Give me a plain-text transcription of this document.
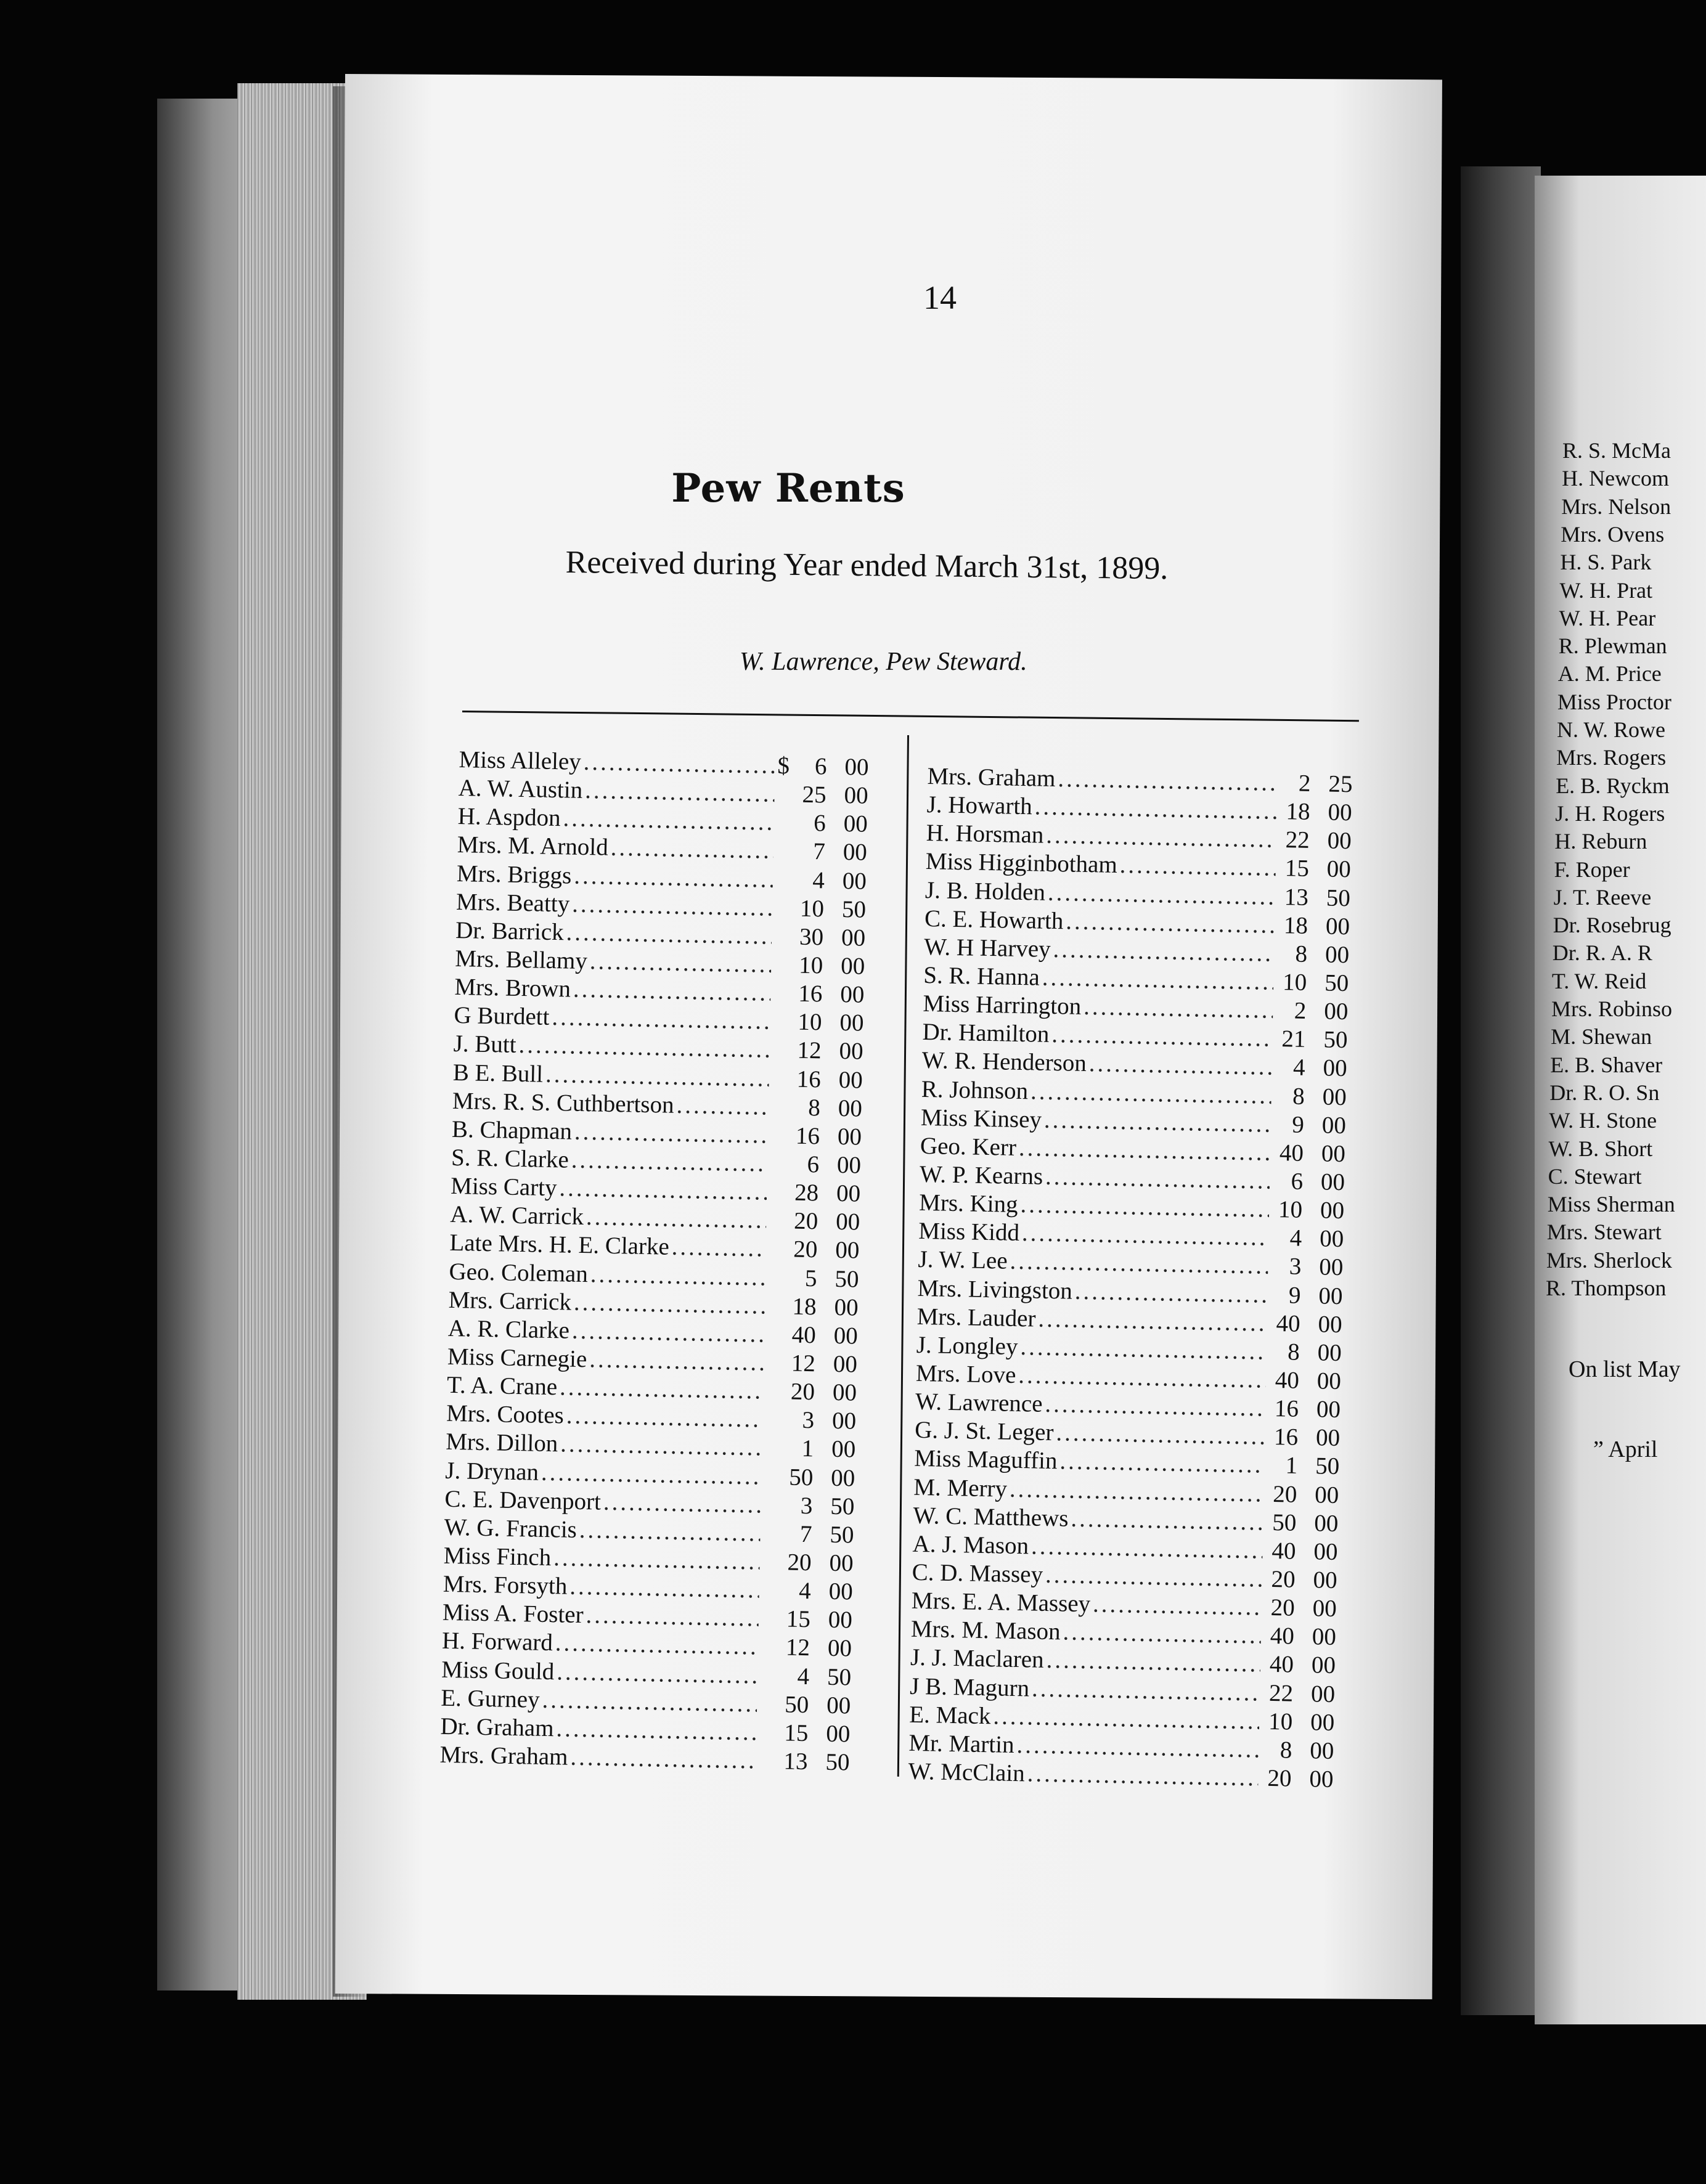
R. S. McMa
H. Newcom
Mrs. Nelson
Mrs. Ovens
H. S. Park
W. H. Prat
W. H. Pear
R. Plewman
A. M. Price
Miss Proctor
N. W. Rowe
Mrs. Rogers
E. B. Ryckm
J. H. Rogers
H. Reburn
F. Roper
J. T. Reeve
Dr. Rosebrug
Dr. R. A. R
T. W. Reid
Mrs. Robinso
M. Shewan
E. B. Shaver
Dr. R. O. Sn
W. H. Stone
W. B. Short
C. Stewart
Miss Sherman
Mrs. Stewart
Mrs. Sherlock
R. Thompson
On list May
” April
14
Pew Rents
Received during Year ended March 31st, 1899.
W. Lawrence, Pew Steward.
Miss Alleley .....	$	6 00
A. W. Austin .....	25 00
H. Aspdon .....	6 00
Mrs. M. Arnold .....	7 00
Mrs. Briggs .....	4 00
Mrs. Beatty .....	10 50
Dr. Barrick .....	30 00
Mrs. Bellamy .....	10 00
Mrs. Brown .....	16 00
G Burdett .....	10 00
J. Butt .....	12 00
B E. Bull .....	16 00
Mrs. R. S. Cuthbertson .....	8 00
B. Chapman .....	16 00
S. R. Clarke .....	6 00
Miss Carty .....	28 00
A. W. Carrick .....	20 00
Late Mrs. H. E. Clarke .....	20 00
Geo. Coleman .....	5 50
Mrs. Carrick .....	18 00
A. R. Clarke .....	40 00
Miss Carnegie .....	12 00
T. A. Crane .....	20 00
Mrs. Cootes .....	3 00
Mrs. Dillon .....	1 00
J. Drynan .....	50 00
C. E. Davenport .....	3 50
W. G. Francis .....	7 50
Miss Finch .....	20 00
Mrs. Forsyth .....	4 00
Miss A. Foster .....	15 00
H. Forward .....	12 00
Miss Gould .....	4 50
E. Gurney .....	50 00
Dr. Graham .....	15 00
Mrs. Graham .....	13 50
Mrs. Graham .....	2 25
J. Howarth .....	18 00
H. Horsman .....	22 00
Miss Higginbotham .....	15 00
J. B. Holden .....	13 50
C. E. Howarth .....	18 00
W. H Harvey .....	8 00
S. R. Hanna .....	10 50
Miss Harrington .....	2 00
Dr. Hamilton .....	21 50
W. R. Henderson .....	4 00
R. Johnson .....	8 00
Miss Kinsey .....	9 00
Geo. Kerr .....	40 00
W. P. Kearns .....	6 00
Mrs. King .....	10 00
Miss Kidd .....	4 00
J. W. Lee .....	3 00
Mrs. Livingston .....	9 00
Mrs. Lauder .....	40 00
J. Longley .....	8 00
Mrs. Love .....	40 00
W. Lawrence .....	16 00
G. J. St. Leger .....	16 00
Miss Maguffin .....	1 50
M. Merry .....	20 00
W. C. Matthews .....	50 00
A. J. Mason .....	40 00
C. D. Massey .....	20 00
Mrs. E. A. Massey .....	20 00
Mrs. M. Mason .....	40 00
J. J. Maclaren .....	40 00
J B. Magurn .....	22 00
E. Mack .....	10 00
Mr. Martin .....	8 00
W. McClain .....	20 00
